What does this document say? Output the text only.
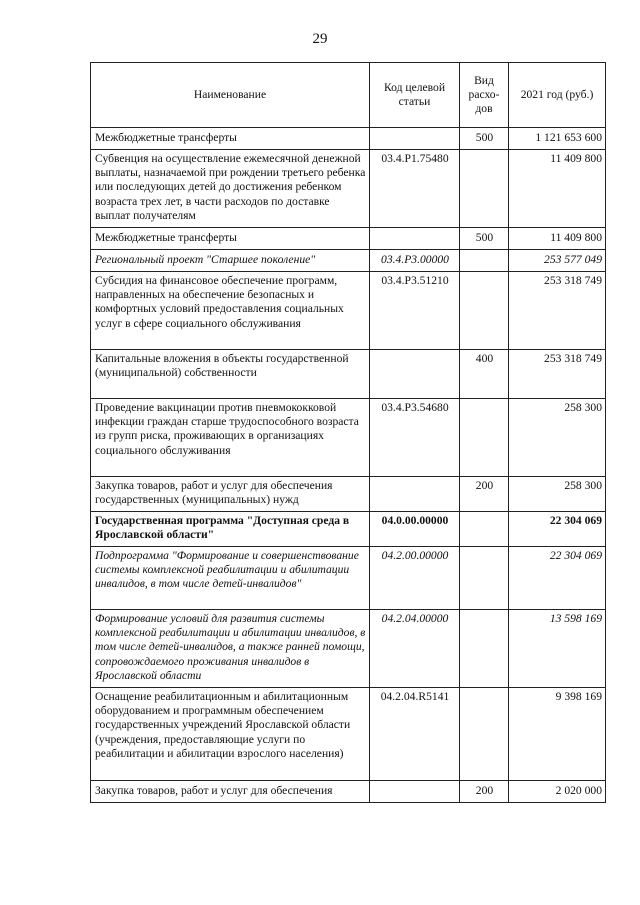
29
Наименование	Код целевой статьи	Вид расхо-дов	2021 год (руб.)
Межбюджетные трансферты		500	1 121 653 600
Субвенция на осуществление ежемесячной денежной выплаты, назначаемой при рождении третьего ребенка или последующих детей до достижения ребенком возраста трех лет, в части расходов по доставке выплат получателям	03.4.P1.75480		11 409 800
Межбюджетные трансферты		500	11 409 800
Региональный проект "Старшее поколение"	03.4.P3.00000		253 577 049
Субсидия на финансовое обеспечение программ, направленных на обеспечение безопасных и комфортных условий предоставления социальных услуг в сфере социального обслуживания	03.4.P3.51210		253 318 749
Капитальные вложения в объекты государственной (муниципальной) собственности		400	253 318 749
Проведение вакцинации против пневмококковой инфекции граждан старше трудоспособного возраста из групп риска, проживающих в организациях социального обслуживания	03.4.P3.54680		258 300
Закупка товаров, работ и услуг для обеспечения государственных (муниципальных) нужд		200	258 300
Государственная программа "Доступная среда в Ярославской области"	04.0.00.00000		22 304 069
Подпрограмма "Формирование и совершенствование системы комплексной реабилитации и абилитации инвалидов, в том числе детей-инвалидов"	04.2.00.00000		22 304 069
Формирование условий для развития системы комплексной реабилитации и абилитации инвалидов, в том числе детей-инвалидов, а также ранней помощи, сопровождаемого проживания инвалидов в Ярославской области	04.2.04.00000		13 598 169
Оснащение реабилитационным и абилитационным оборудованием и программным обеспечением государственных учреждений Ярославской области (учреждения, предоставляющие услуги по реабилитации и абилитации взрослого населения)	04.2.04.R5141		9 398 169
Закупка товаров, работ и услуг для обеспечения		200	2 020 000
